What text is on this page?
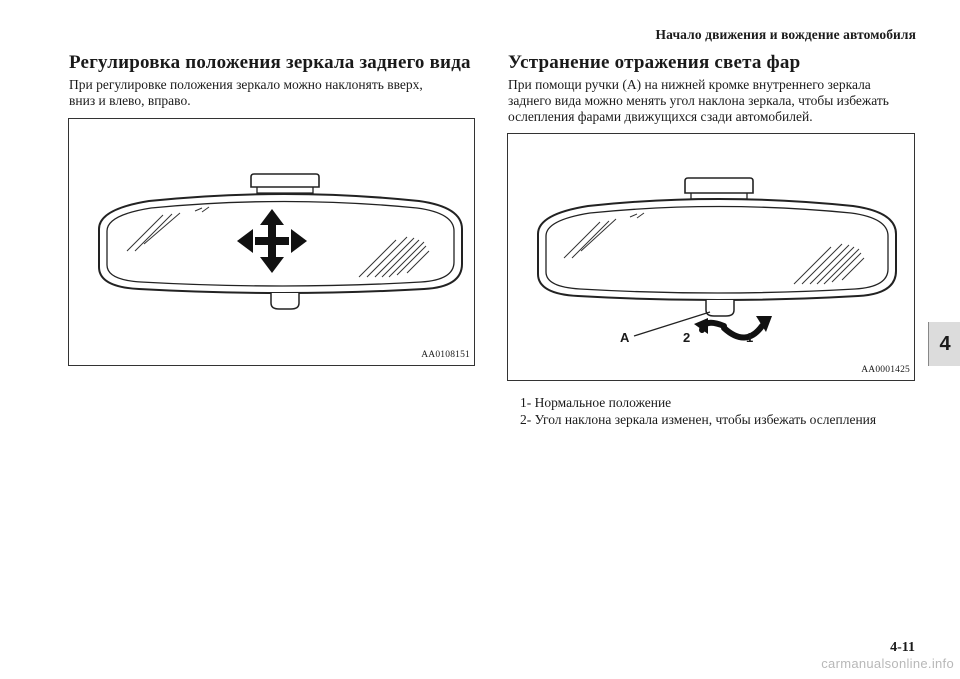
Начало движения и вождение автомобиля
Регулировка положения зеркала заднего вида

При регулировке положения зеркало можно наклонять вверх,
вниз и влево, вправо.

AA0108151
Устранение отражения света фар

При помощи ручки (А) на нижней кромке внутреннего зеркала
заднего вида можно менять угол наклона зеркала, чтобы избежать
ослепления фарами движущихся сзади автомобилей.

A	2	1
AA0001425
1- Нормальное положение
2- Угол наклона зеркала изменен, чтобы избежать ослепления
4
4-11
carmanualsonline.info
